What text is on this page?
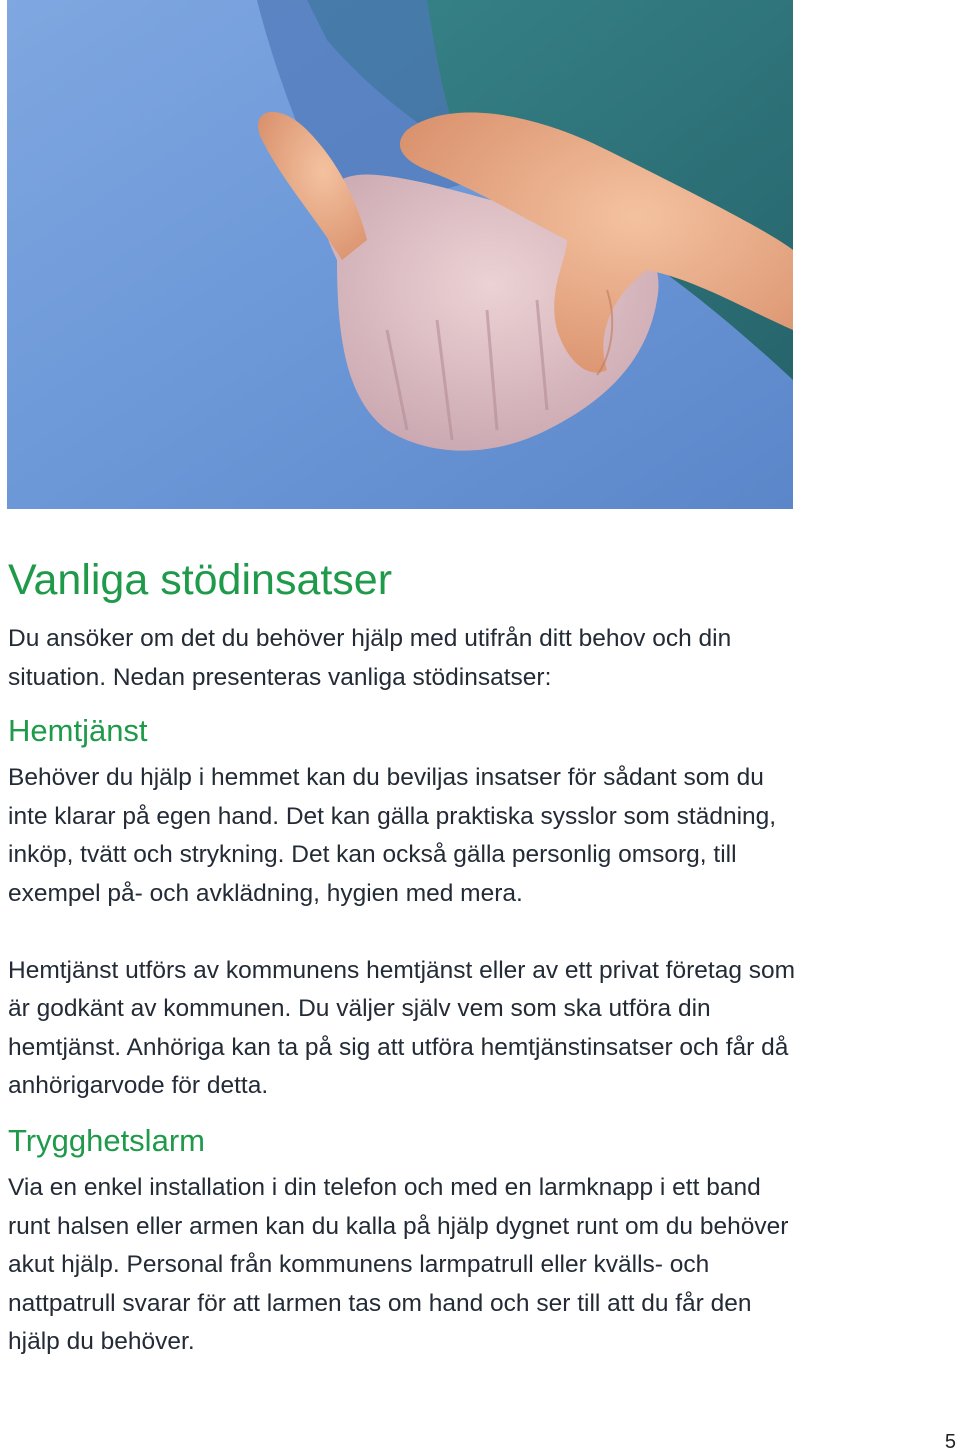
Vanliga stödinsatser

Du ansöker om det du behöver hjälp med utifrån ditt behov och din situation. Nedan presenteras vanliga stödinsatser:

Hemtjänst

Behöver du hjälp i hemmet kan du beviljas insatser för sådant som du inte klarar på egen hand. Det kan gälla praktiska sysslor som städning, inköp, tvätt och strykning. Det kan också gälla personlig omsorg, till exempel på- och avklädning, hygien med mera.

Hemtjänst utförs av kommunens hemtjänst eller av ett privat företag som är godkänt av kommunen. Du väljer själv vem som ska utföra din hemtjänst. Anhöriga kan ta på sig att utföra hemtjänstinsatser och får då anhörigarvode för detta.

Trygghetslarm

Via en enkel installation i din telefon och med en larmknapp i ett band runt halsen eller armen kan du kalla på hjälp dygnet runt om du behöver akut hjälp. Personal från kommunens larmpatrull eller kvälls- och nattpatrull svarar för att larmen tas om hand och ser till att du får den hjälp du behöver.

5
